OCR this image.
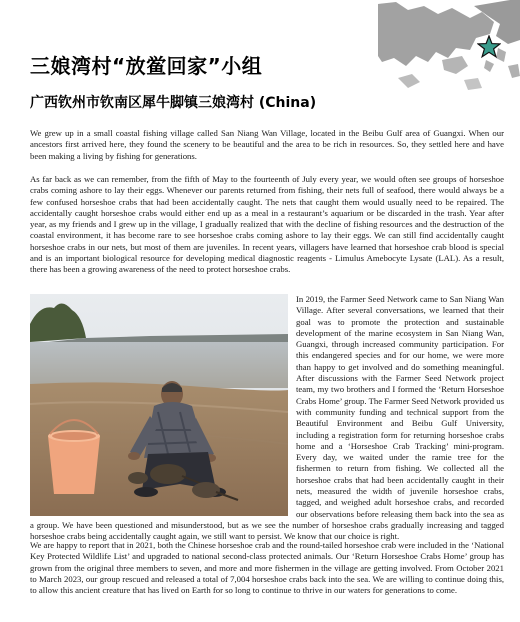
三娘湾村“放鲎回家”小组
广西钦州市钦南区犀牛脚镇三娘湾村 (China)

We grew up in a small coastal fishing village called San Niang Wan Village, located in the Beibu Gulf area of Guangxi. When our ancestors first arrived here, they found the scenery to be beautiful and the area to be rich in resources. So, they settled here and have been making a living by fishing for generations.

As far back as we can remember, from the fifth of May to the fourteenth of July every year, we would often see groups of horseshoe crabs coming ashore to lay their eggs. Whenever our parents returned from fishing, their nets full of seafood, there would always be a few confused horseshoe crabs that had been accidentally caught. The nets that caught them would usually need to be repaired. The accidentally caught horseshoe crabs would either end up as a meal in a restaurant’s aquarium or be discarded in the trash. Year after year, as my friends and I grew up in the village, I gradually realized that with the decline of fishing resources and the destruction of the coastal environment, it has become rare to see horseshoe crabs coming ashore to lay their eggs. We can still find accidentally caught horseshoe crabs in our nets, but most of them are juveniles. In recent years, villagers have learned that horseshoe crab blood is special and is an important biological resource for developing medical diagnostic reagents - Limulus Amebocyte Lysate (LAL). As a result, there has been a growing awareness of the need to protect horseshoe crabs.

In 2019, the Farmer Seed Network came to San Niang Wan Village. After several conversations, we learned that their goal was to promote the protection and sustainable development of the marine ecosystem in San Niang Wan, Guangxi, through increased community participation. For this endangered species and for our home, we were more than happy to get involved and do something meaningful. After discussions with the Farmer Seed Network project team, my two brothers and I formed the ‘Return Horseshoe Crabs Home’ group. The Farmer Seed Network provided us with community funding and technical support from the Beautiful Environment and Beibu Gulf University, including a registration form for returning horseshoe crabs home and a ‘Horseshoe Crab Tracking’ mini-program. Every day, we waited under the ramie tree for the fishermen to return from fishing. We collected all the horseshoe crabs that had been accidentally caught in their nets, measured the width of juvenile horseshoe crabs, tagged, and weighed adult horseshoe crabs, and recorded our observations before releasing them back into the sea as a group. We have been questioned and misunderstood, but as we see the number of horseshoe crabs gradually increasing and tagged horseshoe crabs being accidentally caught again, we still want to persist. We know that our choice is right.

We are happy to report that in 2021, both the Chinese horseshoe crab and the round-tailed horseshoe crab were included in the ‘National Key Protected Wildlife List’ and upgraded to national second-class protected animals. Our ‘Return Horseshoe Crabs Home’ group has grown from the original three members to seven, and more and more fishermen in the village are getting involved. From October 2021 to March 2023, our group rescued and released a total of 7,004 horseshoe crabs back into the sea. We are willing to continue doing this, to allow this ancient creature that has lived on Earth for so long to continue to thrive in our waters for generations to come.
